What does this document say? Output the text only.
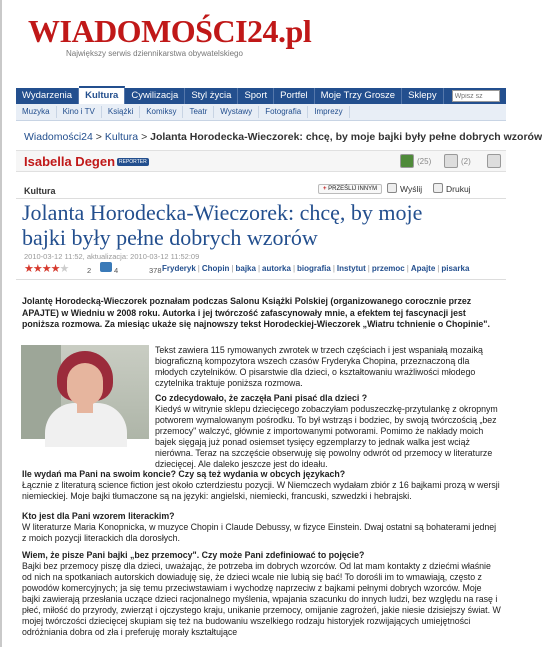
WIADOMOŚCI24.pl
Największy serwis dziennikarstwa obywatelskiego
Wydarzenia	Kultura	Cywilizacja	Styl życia	Sport	Portfel	Moje Trzy Grosze	Sklepy
Wpisz sz
Muzyka	Kino i TV	Książki	Komiksy	Teatr	Wystawy	Fotografia	Imprezy
Wiadomości24 > Kultura > Jolanta Horodecka-Wieczorek: chcę, by moje bajki były pełne dobrych wzorów
Isabella Degen REPORTER	(25)	(2)
Kultura	+ PRZEŚLIJ INNYM	Wyślij	Drukuj
Jolanta Horodecka-Wieczorek: chcę, by moje
bajki były pełne dobrych wzorów
2010-03-12 11:52, aktualizacja: 2010-03-12 11:52:09
★★★★★ 2	4	378 Fryderyk | Chopin | bajka | autorka | biografia | Instytut | przemoc | Apajte | pisarka
Jolantę Horodecką-Wieczorek poznałam podczas Salonu Książki Polskiej (organizowanego corocznie przez APAJTE) w Wiedniu w 2008 roku. Autorka i jej twórczość zafascynowały mnie, a efektem tej fascynacji jest poniższa rozmowa. Za miesiąc ukaże się najnowszy tekst Horodeckiej-Wieczorek „Wiatru tchnienie o Chopinie".
Tekst zawiera 115 rymowanych zwrotek w trzech częściach i jest wspaniałą mozaiką biograficzną kompozytora wszech czasów Fryderyka Chopina, przeznaczoną dla młodych czytelników. O pisarstwie dla dzieci, o kształtowaniu wrażliwości młodego czytelnika traktuje poniższa rozmowa.
Co zdecydowało, że zaczęła Pani pisać dla dzieci ?
Kiedyś w witrynie sklepu dziecięcego zobaczyłam poduszeczkę-przytulankę z okropnym potworem wymalowanym pośrodku. To był wstrząs i bodziec, by swoją twórczością „bez przemocy" walczyć, głównie z importowanymi potworami. Pomimo że nakłady moich bajek sięgają już ponad osiemset tysięcy egzemplarzy to jednak walka jest wciąż nierówna. Teraz na szczęście obserwuję się powolny odwrót od przemocy w literaturze dziecięcej. Ale daleko jeszcze jest do ideału.
Ile wydań ma Pani na swoim koncie? Czy są też wydania w obcych językach?
Łącznie z literaturą science fiction jest około czterdziestu pozycji. W Niemczech wydałam zbiór z 16 bajkami prozą w wersji niemieckiej. Moje bajki tłumaczone są na języki: angielski, niemiecki, francuski, szwedzki i hebrajski.
Kto jest dla Pani wzorem literackim?
W literaturze Maria Konopnicka, w muzyce Chopin i Claude Debussy, w fizyce Einstein. Dwaj ostatni są bohaterami jednej z moich pozycji literackich dla dorosłych.
Wiem, że pisze Pani bajki „bez przemocy". Czy może Pani zdefiniować to pojęcie?
Bajki bez przemocy piszę dla dzieci, uważając, że potrzeba im dobrych wzorców. Od lat mam kontakty z dziećmi właśnie od nich na spotkaniach autorskich dowiaduję się, że dzieci wcale nie lubią się bać! To dorośli im to wmawiają, często z powodów komercyjnych; ja się temu przeciwstawiam i wychodzę naprzeciw z bajkami pełnymi dobrych wzorców. Moje bajki zawierają przesłania uczące dzieci racjonalnego myślenia, wpajania szacunku do innych ludzi, bez względu na rasę i płeć, miłość do przyrody, zwierząt i ojczystego kraju, unikanie przemocy, omijanie zagrożeń, jakie niesie dzisiejszy świat. W mojej twórczości dziecięcej skupiam się też na budowaniu wszelkiego rodzaju historyjek rozwijających umiejętności odróżniania dobra od zła i preferuję morały kształtujące
